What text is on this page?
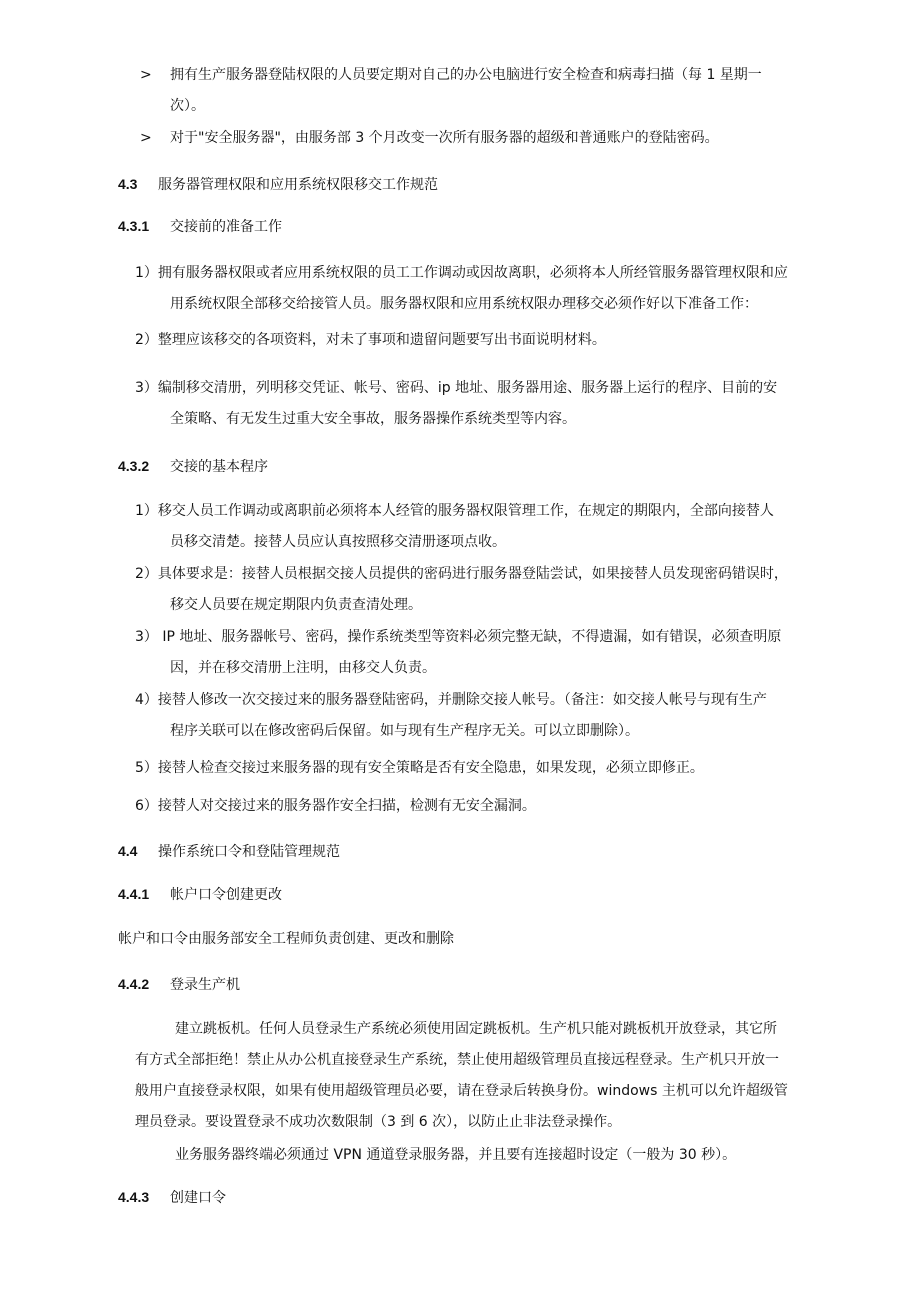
> 拥有生产服务器登陆权限的人员要定期对自己的办公电脑进行安全检查和病毒扫描（每 1 星期一
次）。
> 对于"安全服务器"，由服务部 3 个月改变一次所有服务器的超级和普通账户的登陆密码。
4.3 服务器管理权限和应用系统权限移交工作规范
4.3.1 交接前的准备工作
1）拥有服务器权限或者应用系统权限的员工工作调动或因故离职，必须将本人所经管服务器管理权限和应
用系统权限全部移交给接管人员。服务器权限和应用系统权限办理移交必须作好以下准备工作：
2）整理应该移交的各项资料，对未了事项和遗留问题要写出书面说明材料。
3）编制移交清册，列明移交凭证、帐号、密码、ip 地址、服务器用途、服务器上运行的程序、目前的安
全策略、有无发生过重大安全事故，服务器操作系统类型等内容。
4.3.2 交接的基本程序
1）移交人员工作调动或离职前必须将本人经管的服务器权限管理工作，在规定的期限内，全部向接替人
员移交清楚。接替人员应认真按照移交清册逐项点收。
2）具体要求是：接替人员根据交接人员提供的密码进行服务器登陆尝试，如果接替人员发现密码错误时，
移交人员要在规定期限内负责查清处理。
3） IP 地址、服务器帐号、密码，操作系统类型等资料必须完整无缺，不得遗漏，如有错误，必须查明原
因，并在移交清册上注明，由移交人负责。
4）接替人修改一次交接过来的服务器登陆密码，并删除交接人帐号。（备注：如交接人帐号与现有生产
程序关联可以在修改密码后保留。如与现有生产程序无关。可以立即删除）。
5）接替人检查交接过来服务器的现有安全策略是否有安全隐患，如果发现，必须立即修正。
6）接替人对交接过来的服务器作安全扫描，检测有无安全漏洞。
4.4 操作系统口令和登陆管理规范
4.4.1 帐户口令创建更改
帐户和口令由服务部安全工程师负责创建、更改和删除
4.4.2 登录生产机
建立跳板机。任何人员登录生产系统必须使用固定跳板机。生产机只能对跳板机开放登录，其它所
有方式全部拒绝！禁止从办公机直接登录生产系统，禁止使用超级管理员直接远程登录。生产机只开放一
般用户直接登录权限，如果有使用超级管理员必要，请在登录后转换身份。windows 主机可以允许超级管
理员登录。要设置登录不成功次数限制（3 到 6 次），以防止止非法登录操作。
业务服务器终端必须通过 VPN 通道登录服务器，并且要有连接超时设定（一般为 30 秒）。
4.4.3 创建口令
